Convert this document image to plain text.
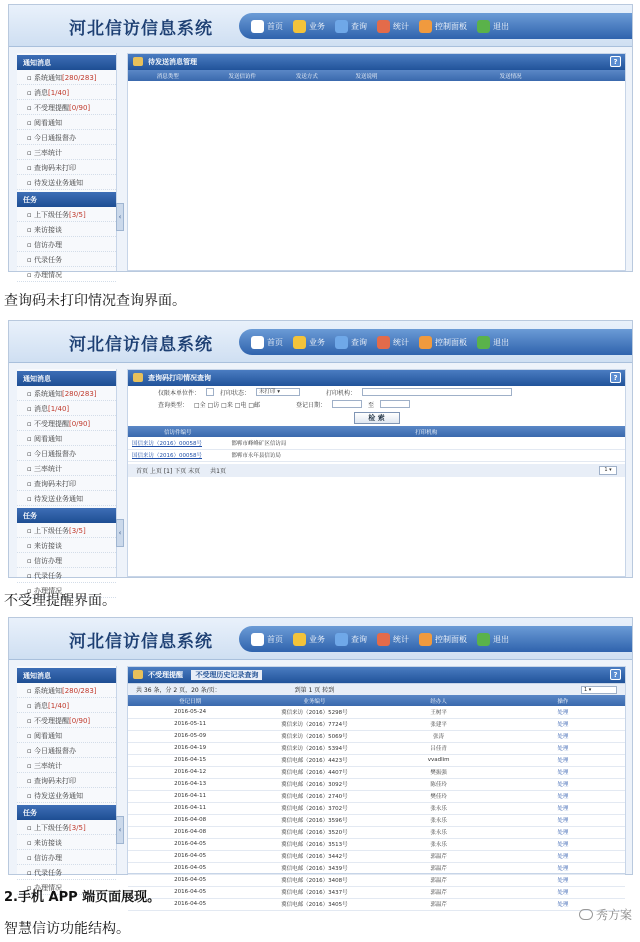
河北信访信息系统	首页	业务	查询	统计	控制面板	退出
通知消息
▫ 系统通知[280/283]
▫ 消息[1/40]
▫ 不受理提醒[0/90]
▫ 阅看通知
▫ 今日通报督办
▫ 三率统计
▫ 查询码未打印
▫ 待发送业务通知
任务
▫ 上下级任务[3/5]
▫ 来访接谈
▫ 信访办理
▫ 代录任务
▫ 办理情况
‹
待发送消息管理	?
消息类型	发送信访件	发送方式	发送说明	发送情况
查询码未打印情况查询界面。
河北信访信息系统	首页	业务	查询	统计	控制面板	退出
通知消息
▫ 系统通知[280/283]
▫ 消息[1/40]
▫ 不受理提醒[0/90]
▫ 阅看通知
▫ 今日通报督办
▫ 三率统计
▫ 查询码未打印
▫ 待发送业务通知
任务
▫ 上下级任务[3/5]
▫ 来访接谈
▫ 信访办理
▫ 代录任务
▫ 办理情况
‹
查询码打印情况查询	?
仅限本单位件：	打印状态：	未打印 ▾	打印机构：
查询类型： □全 □访 □来 □电 □邮	登记日期：	至
检 索
信访件编号	打印机构
国信来访（2016）00058号	邯郸市峰峰矿区信访局
国信来访（2016）00058号	邯郸市永年县信访局
首页 上页 [1] 下页 末页 共1页	1 ▾
不受理提醒界面。
河北信访信息系统	首页	业务	查询	统计	控制面板	退出
通知消息
▫ 系统通知[280/283]
▫ 消息[1/40]
▫ 不受理提醒[0/90]
▫ 阅看通知
▫ 今日通报督办
▫ 三率统计
▫ 查询码未打印
▫ 待发送业务通知
任务
▫ 上下级任务[3/5]
▫ 来访接谈
▫ 信访办理
▫ 代录任务
▫ 办理情况
‹
不受理提醒 不受理历史记录查询	?
共 36 条，分 2 页，20 条/页：	到第 1 页 转到	1 ▾
登记日期	业务编号	经办人	操作
2016-05-24	冀信来访（2016）5298号	王树平	处理
2016-05-11	冀信来访（2016）7724号	张建平	处理
2016-05-09	冀信来访（2016）5069号	张涛	处理
2016-04-19	冀信来访（2016）5394号	吕佳青	处理
2016-04-15	冀信电邮（2016）4423号	vvadlim	处理
2016-04-12	冀信电邮（2016）4407号	樊振强	处理
2016-04-13	冀信电邮（2016）3092号	陈佳玲	处理
2016-04-11	冀信电邮（2016）2740号	樊佳玲	处理
2016-04-11	冀信电邮（2016）3702号	张永乐	处理
2016-04-08	冀信电邮（2016）3596号	张永乐	处理
2016-04-08	冀信电邮（2016）3520号	张永乐	处理
2016-04-05	冀信电邮（2016）3513号	张永乐	处理
2016-04-05	冀信电邮（2016）3442号	郭温芹	处理
2016-04-05	冀信电邮（2016）3439号	郭温芹	处理
2016-04-05	冀信电邮（2016）3408号	郭温芹	处理
2016-04-05	冀信电邮（2016）3437号	郭温芹	处理
2016-04-05	冀信电邮（2016）3405号	郭温芹	处理
2.手机 APP 端页面展现。
智慧信访功能结构。
秀方案
